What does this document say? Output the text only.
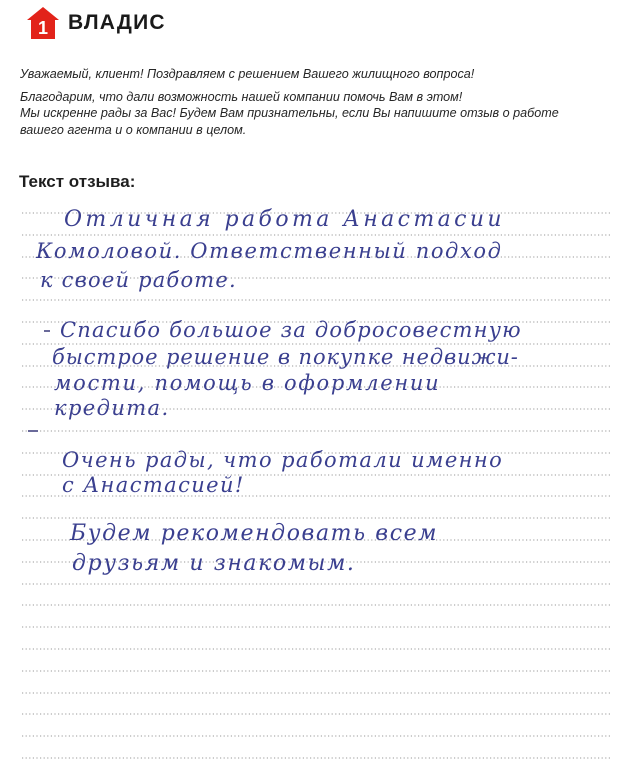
1 ВЛАДИС

Уважаемый, клиент! Поздравляем с решением Вашего жилищного вопроса!

Благодарим, что дали возможность нашей компании помочь Вам в этом!

Мы искренне рады за Вас! Будем Вам признательны, если Вы напишите отзыв о работе

вашего агента и о компании в целом.

Текст отзыва:
Отличная работа Анастасии
Комоловой. Ответственный подход
к своей работе.
Спасибо большое за добросовестную
быстрое решение в покупке недвижи-
мости, помощь в оформлении
кредита.
Очень рады, что работали именно
с Анастасией!
Будем рекомендовать всем
друзьям и знакомым.
